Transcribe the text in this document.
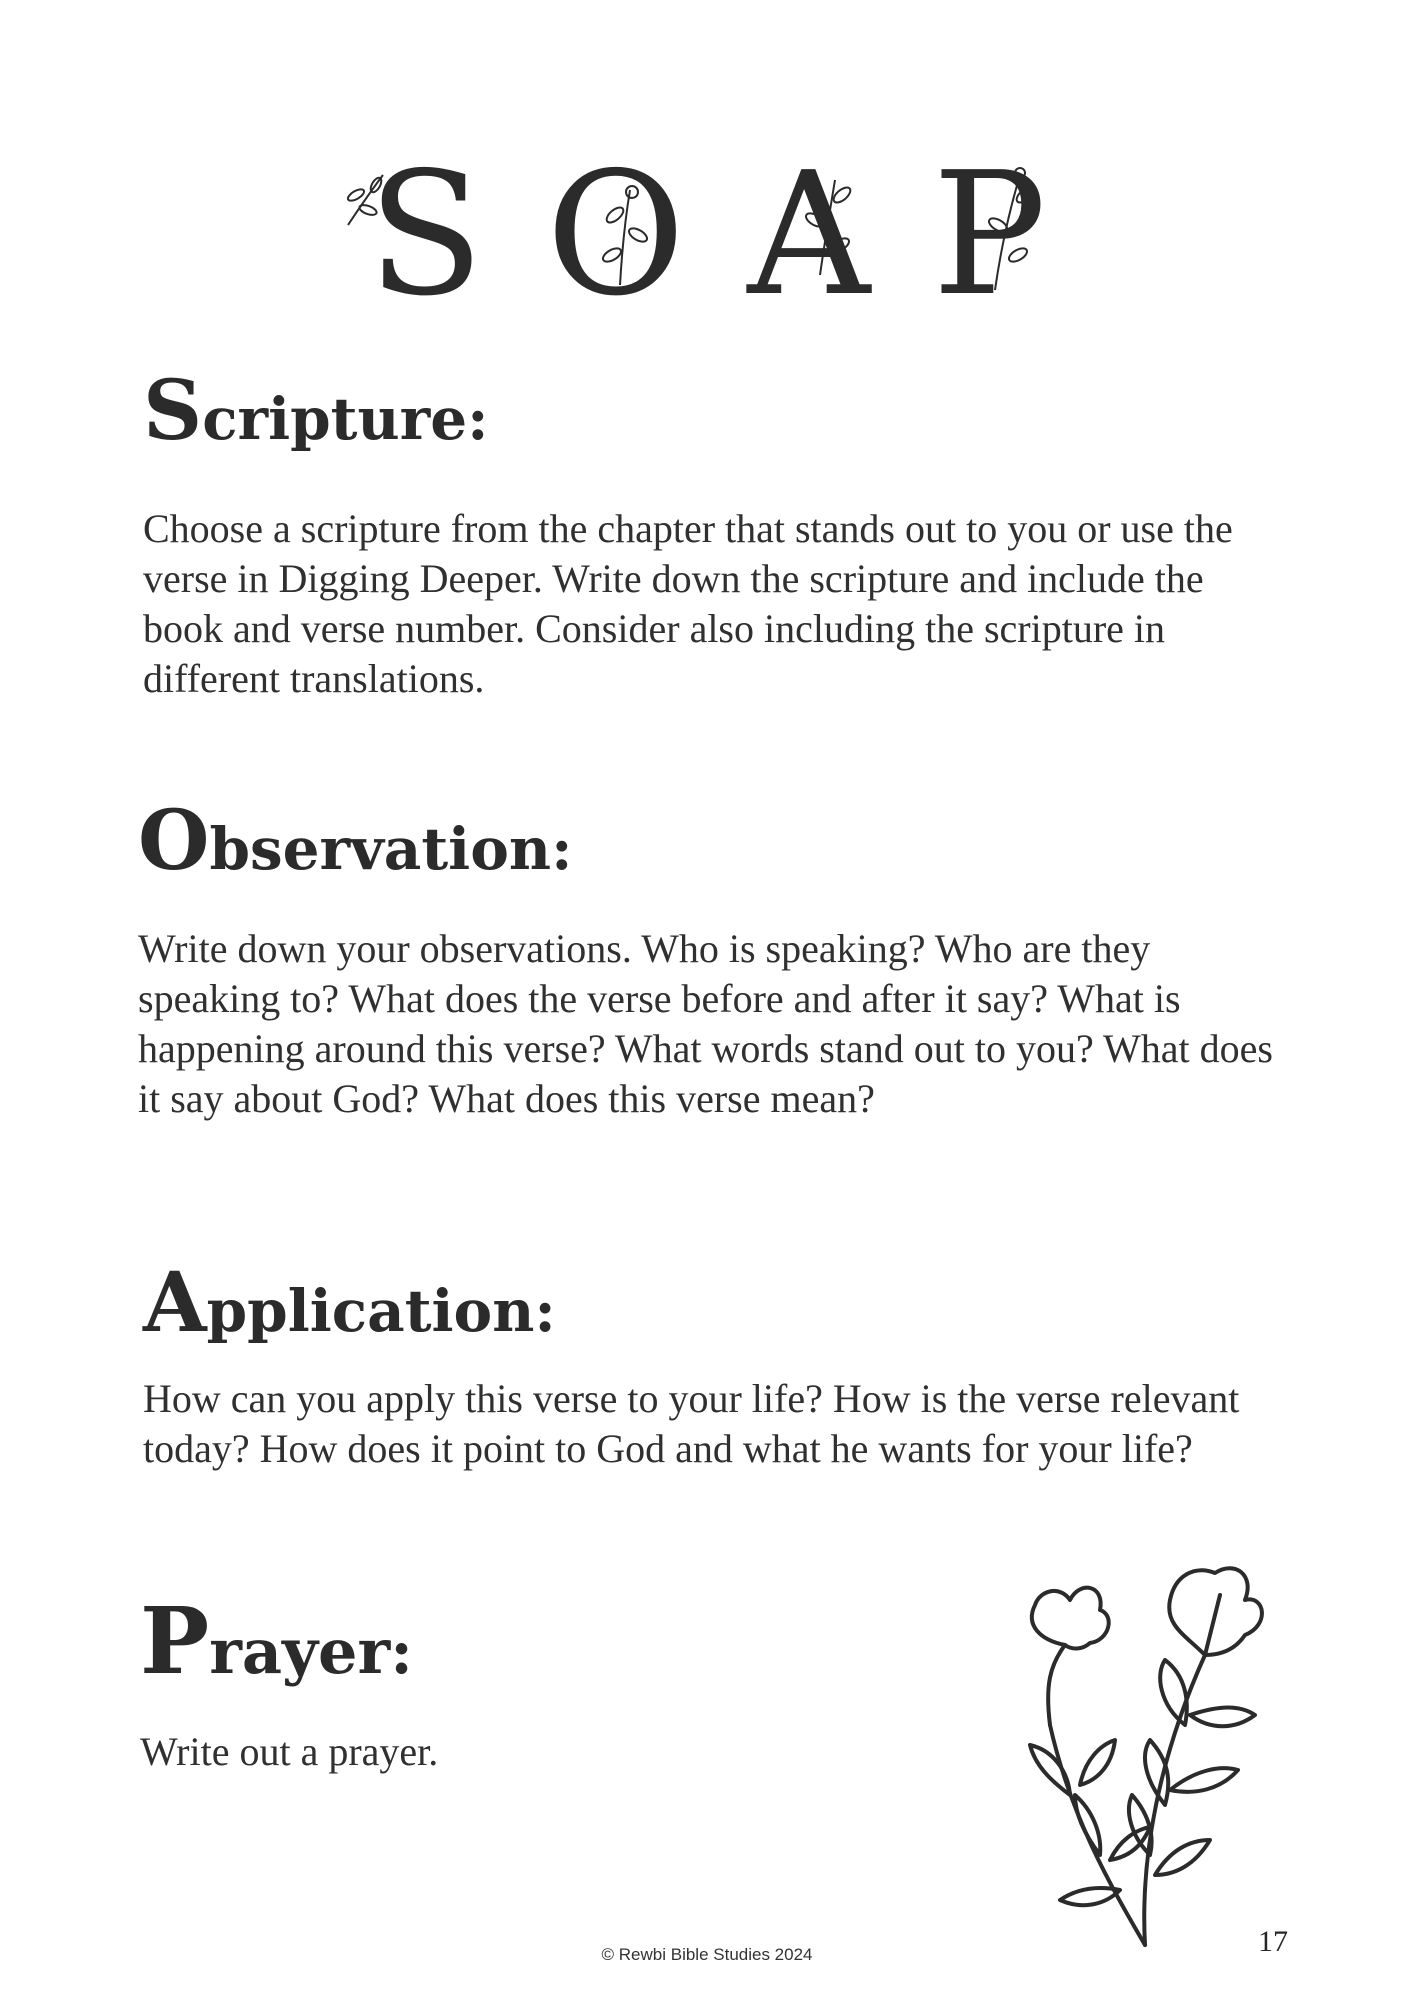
SOAP
Scripture:

Choose a scripture from the chapter that stands out to you or use the verse in Digging Deeper. Write down the scripture and include the book and verse number. Consider also including the scripture in different translations.

Observation:

Write down your observations. Who is speaking? Who are they speaking to? What does the verse before and after it say? What is happening around this verse? What words stand out to you? What does it say about God? What does this verse mean?

Application:

How can you apply this verse to your life? How is the verse relevant today? How does it point to God and what he wants for your life?

Prayer:

Write out a prayer.

© Rewbi Bible Studies 2024	17
